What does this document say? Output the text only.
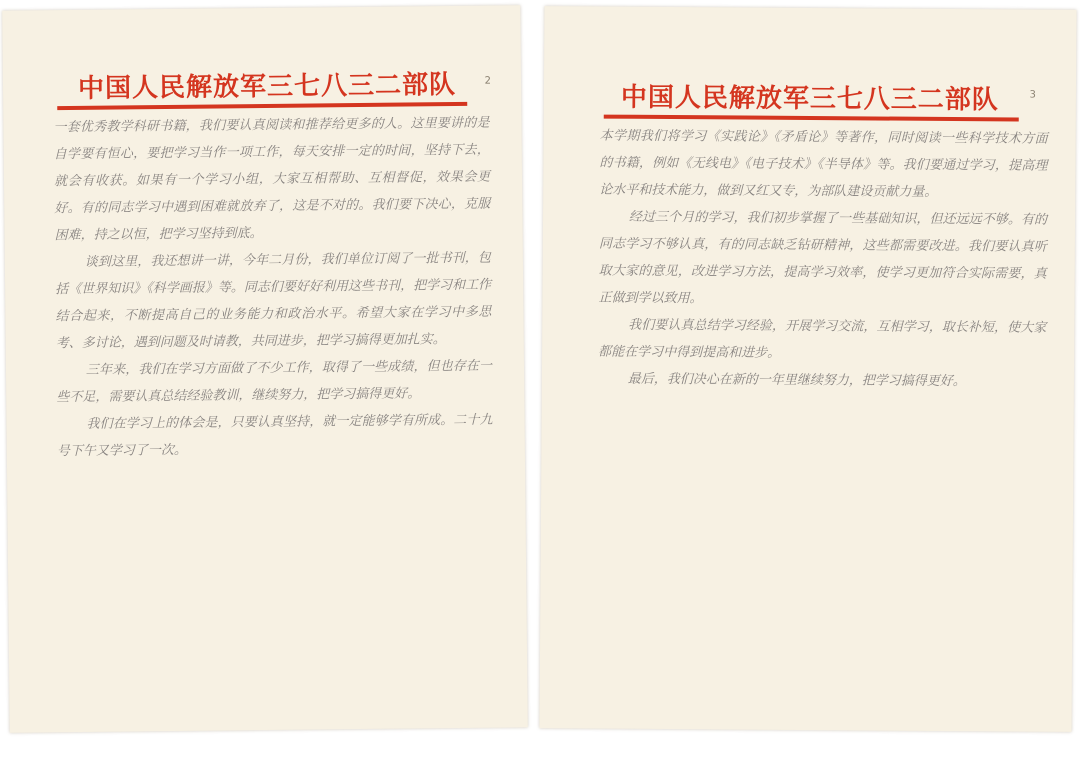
中国人民解放军三七八三二部队	2

一套优秀教学科研书籍，我们要认真阅读和推荐给更多的人。这里要讲的是自学要有恒心，要把学习当作一项工作，每天安排一定的时间，坚持下去，就会有收获。如果有一个学习小组，大家互相帮助、互相督促，效果会更好。有的同志学习中遇到困难就放弃了，这是不对的。我们要下决心，克服困难，持之以恒，把学习坚持到底。

谈到这里，我还想讲一讲，今年二月份，我们单位订阅了一批书刊，包括《世界知识》《科学画报》等。同志们要好好利用这些书刊，把学习和工作结合起来，不断提高自己的业务能力和政治水平。希望大家在学习中多思考、多讨论，遇到问题及时请教，共同进步，把学习搞得更加扎实。

三年来，我们在学习方面做了不少工作，取得了一些成绩，但也存在一些不足，需要认真总结经验教训，继续努力，把学习搞得更好。

我们在学习上的体会是，只要认真坚持，就一定能够学有所成。二十九号下午又学习了一次。

中国人民解放军三七八三二部队	3

本学期我们将学习《实践论》《矛盾论》等著作，同时阅读一些科学技术方面的书籍，例如《无线电》《电子技术》《半导体》等。我们要通过学习，提高理论水平和技术能力，做到又红又专，为部队建设贡献力量。

经过三个月的学习，我们初步掌握了一些基础知识，但还远远不够。有的同志学习不够认真，有的同志缺乏钻研精神，这些都需要改进。我们要认真听取大家的意见，改进学习方法，提高学习效率，使学习更加符合实际需要，真正做到学以致用。

我们要认真总结学习经验，开展学习交流，互相学习，取长补短，使大家都能在学习中得到提高和进步。

最后，我们决心在新的一年里继续努力，把学习搞得更好。
